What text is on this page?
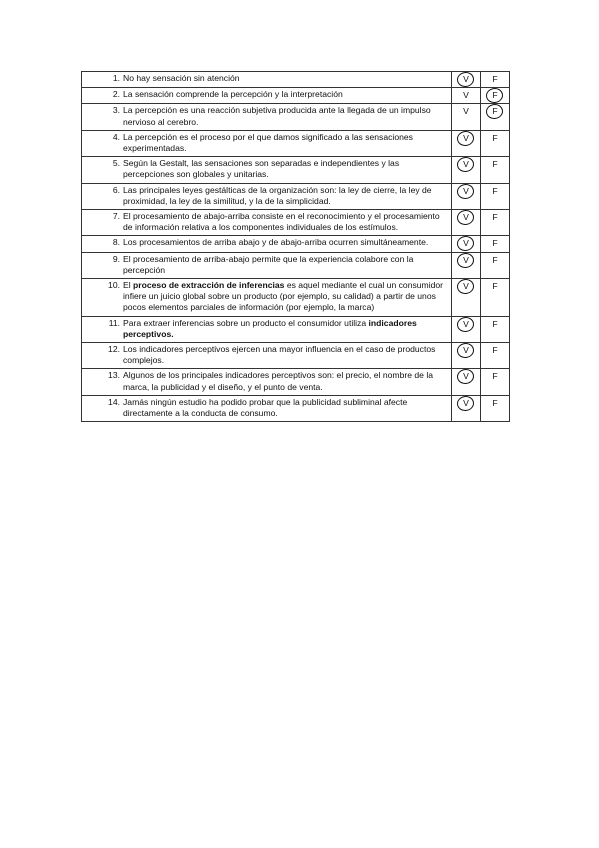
1. No hay sensación sin atención	V	F

2. La sensación comprende la percepción y la interpretación	V	F

3. La percepción es una reacción subjetiva producida ante la llegada de un impulso nervioso al cerebro.	V	F

4. La percepción es el proceso por el que damos significado a las sensaciones experimentadas.	V	F

5. Según la Gestalt, las sensaciones son separadas e independientes y las percepciones son globales y unitarias.	V	F

6. Las principales leyes gestálticas de la organización son: la ley de cierre, la ley de proximidad, la ley de la similitud, y la de la simplicidad.	V	F

7. El procesamiento de abajo-arriba consiste en el reconocimiento y el procesamiento de información relativa a los componentes individuales de los estímulos.	V	F

8. Los procesamientos de arriba abajo y de abajo-arriba ocurren simultáneamente.	V	F

9. El procesamiento de arriba-abajo permite que la experiencia colabore con la percepción	V	F

10. El proceso de extracción de inferencias es aquel mediante el cual un consumidor infiere un juicio global sobre un producto (por ejemplo, su calidad) a partir de unos pocos elementos parciales de información (por ejemplo, la marca)	V	F

11. Para extraer inferencias sobre un producto el consumidor utiliza indicadores perceptivos.	V	F

12. Los indicadores perceptivos ejercen una mayor influencia en el caso de productos complejos.	V	F

13. Algunos de los principales indicadores perceptivos son: el precio, el nombre de la marca, la publicidad y el diseño, y el punto de venta.	V	F

14. Jamás ningún estudio ha podido probar que la publicidad subliminal afecte directamente a la conducta de consumo.	V	F
